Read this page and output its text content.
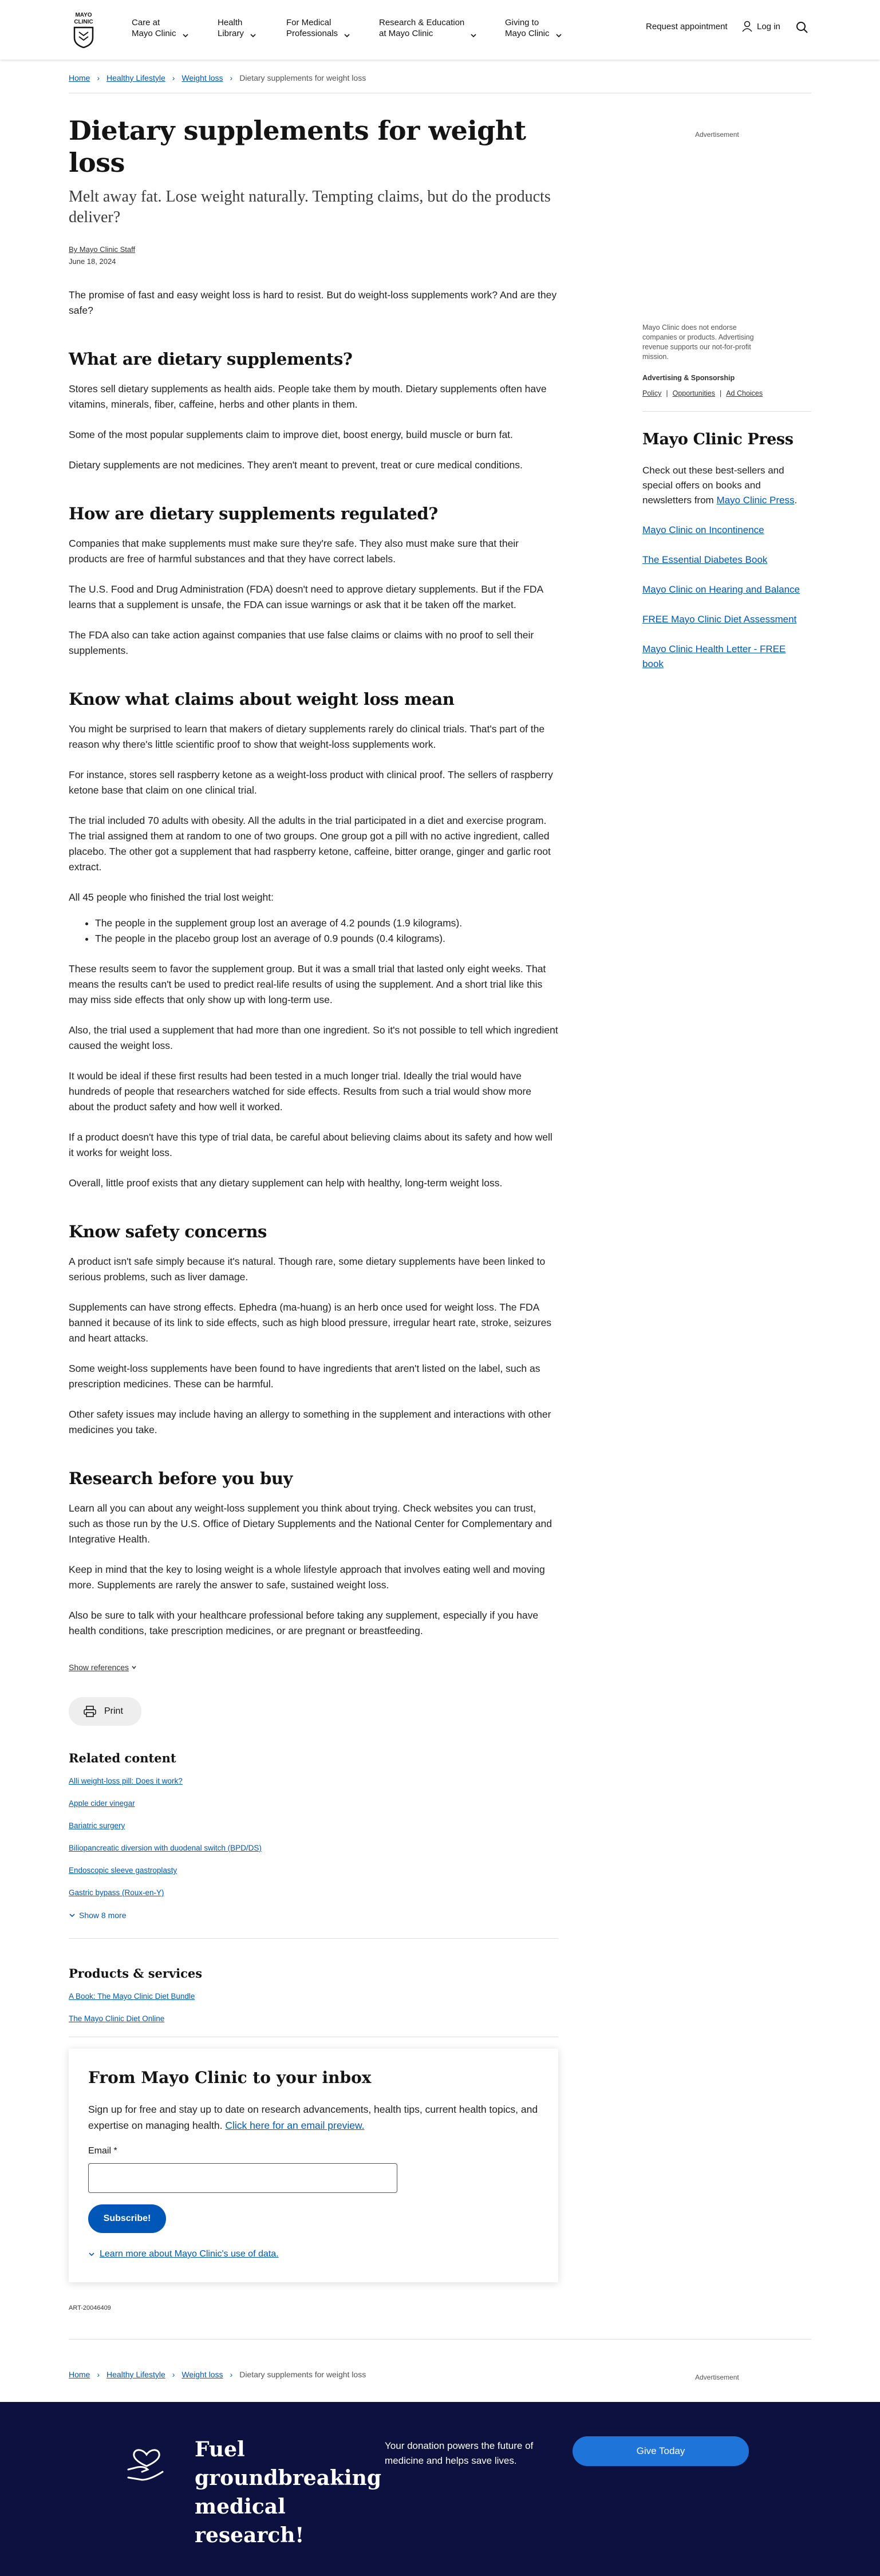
MAYO
CLINIC	Care at
Mayo Clinic
Health
Library
For Medical
Professionals
Research & Education
at Mayo Clinic
Giving to
Mayo Clinic
Request appointment	Log in
Home › Healthy Lifestyle › Weight loss › Dietary supplements for weight loss
Advertisement
Mayo Clinic does not endorse companies or products. Advertising revenue supports our not-for-profit mission.
Advertising & Sponsorship
Policy | Opportunities | Ad Choices
Mayo Clinic Press
Check out these best-sellers and special offers on books and newsletters from Mayo Clinic Press.
Mayo Clinic on Incontinence
The Essential Diabetes Book
Mayo Clinic on Hearing and Balance
FREE Mayo Clinic Diet Assessment
Mayo Clinic Health Letter - FREE book
Dietary supplements for weight loss
Melt away fat. Lose weight naturally. Tempting claims, but do the products deliver?
By Mayo Clinic Staff
June 18, 2024

The promise of fast and easy weight loss is hard to resist. But do weight-loss supplements work? And are they safe?

What are dietary supplements?

Stores sell dietary supplements as health aids. People take them by mouth. Dietary supplements often have vitamins, minerals, fiber, caffeine, herbs and other plants in them.

Some of the most popular supplements claim to improve diet, boost energy, build muscle or burn fat.

Dietary supplements are not medicines. They aren't meant to prevent, treat or cure medical conditions.

How are dietary supplements regulated?

Companies that make supplements must make sure they're safe. They also must make sure that their products are free of harmful substances and that they have correct labels.

The U.S. Food and Drug Administration (FDA) doesn't need to approve dietary supplements. But if the FDA learns that a supplement is unsafe, the FDA can issue warnings or ask that it be taken off the market.

The FDA also can take action against companies that use false claims or claims with no proof to sell their supplements.

Know what claims about weight loss mean

You might be surprised to learn that makers of dietary supplements rarely do clinical trials. That's part of the reason why there's little scientific proof to show that weight-loss supplements work.

For instance, stores sell raspberry ketone as a weight-loss product with clinical proof. The sellers of raspberry ketone base that claim on one clinical trial.

The trial included 70 adults with obesity. All the adults in the trial participated in a diet and exercise program. The trial assigned them at random to one of two groups. One group got a pill with no active ingredient, called placebo. The other got a supplement that had raspberry ketone, caffeine, bitter orange, ginger and garlic root extract.

All 45 people who finished the trial lost weight:

• The people in the supplement group lost an average of 4.2 pounds (1.9 kilograms).
• The people in the placebo group lost an average of 0.9 pounds (0.4 kilograms).

These results seem to favor the supplement group. But it was a small trial that lasted only eight weeks. That means the results can't be used to predict real-life results of using the supplement. And a short trial like this may miss side effects that only show up with long-term use.

Also, the trial used a supplement that had more than one ingredient. So it's not possible to tell which ingredient caused the weight loss.

It would be ideal if these first results had been tested in a much longer trial. Ideally the trial would have hundreds of people that researchers watched for side effects. Results from such a trial would show more about the product safety and how well it worked.

If a product doesn't have this type of trial data, be careful about believing claims about its safety and how well it works for weight loss.

Overall, little proof exists that any dietary supplement can help with healthy, long-term weight loss.

Know safety concerns

A product isn't safe simply because it's natural. Though rare, some dietary supplements have been linked to serious problems, such as liver damage.

Supplements can have strong effects. Ephedra (ma-huang) is an herb once used for weight loss. The FDA banned it because of its link to side effects, such as high blood pressure, irregular heart rate, stroke, seizures and heart attacks.

Some weight-loss supplements have been found to have ingredients that aren't listed on the label, such as prescription medicines. These can be harmful.

Other safety issues may include having an allergy to something in the supplement and interactions with other medicines you take.

Research before you buy

Learn all you can about any weight-loss supplement you think about trying. Check websites you can trust, such as those run by the U.S. Office of Dietary Supplements and the National Center for Complementary and Integrative Health.

Keep in mind that the key to losing weight is a whole lifestyle approach that involves eating well and moving more. Supplements are rarely the answer to safe, sustained weight loss.

Also be sure to talk with your healthcare professional before taking any supplement, especially if you have health conditions, take prescription medicines, or are pregnant or breastfeeding.

Show references
Print
Related content
Alli weight-loss pill: Does it work?
Apple cider vinegar
Bariatric surgery
Biliopancreatic diversion with duodenal switch (BPD/DS)
Endoscopic sleeve gastroplasty
Gastric bypass (Roux-en-Y)
Show 8 more
Products & services
A Book: The Mayo Clinic Diet Bundle
The Mayo Clinic Diet Online
From Mayo Clinic to your inbox
Sign up for free and stay up to date on research advancements, health tips, current health topics, and expertise on managing health. Click here for an email preview.
Email *
Subscribe!
Learn more about Mayo Clinic's use of data.
ART-20046409
Home › Healthy Lifestyle › Weight loss › Dietary supplements for weight loss	Advertisement
Fuel groundbreaking medical research!
Your donation powers the future of medicine and helps save lives.
Give Today
